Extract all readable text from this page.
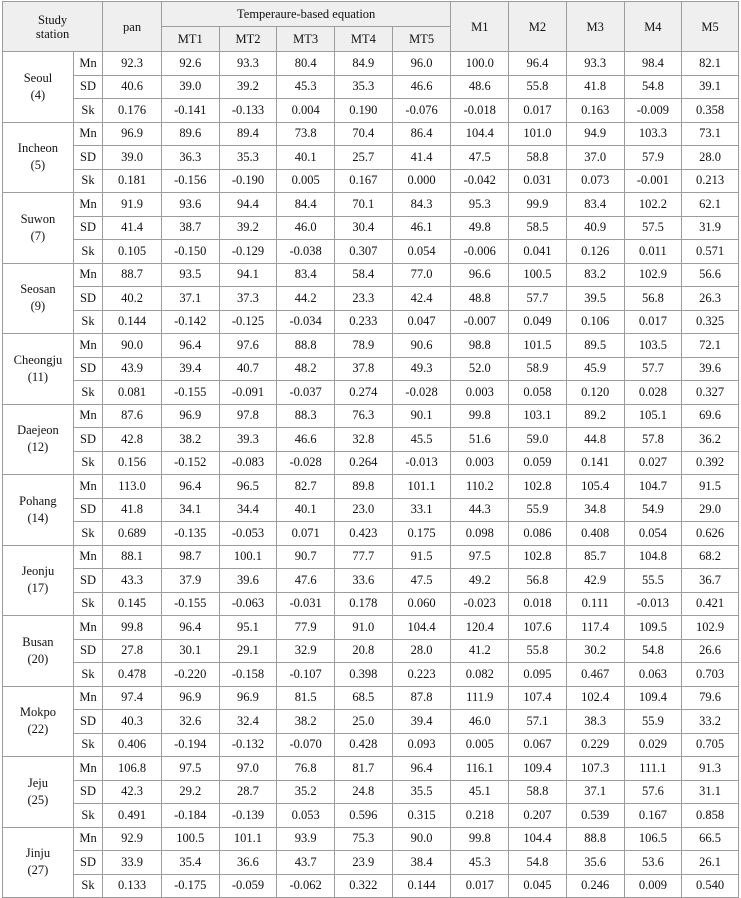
Study
station		pan	Temperaure-based equation					M1	M2	M3	M4	M5
			MT1	MT2	MT3	MT4	MT5					
Seoul
(4)	Mn	92.3	92.6	93.3	80.4	84.9	96.0	100.0	96.4	93.3	98.4	82.1
	SD	40.6	39.0	39.2	45.3	35.3	46.6	48.6	55.8	41.8	54.8	39.1
	Sk	0.176	-0.141	-0.133	0.004	0.190	-0.076	-0.018	0.017	0.163	-0.009	0.358
Incheon
(5)	Mn	96.9	89.6	89.4	73.8	70.4	86.4	104.4	101.0	94.9	103.3	73.1
	SD	39.0	36.3	35.3	40.1	25.7	41.4	47.5	58.8	37.0	57.9	28.0
	Sk	0.181	-0.156	-0.190	0.005	0.167	0.000	-0.042	0.031	0.073	-0.001	0.213
Suwon
(7)	Mn	91.9	93.6	94.4	84.4	70.1	84.3	95.3	99.9	83.4	102.2	62.1
	SD	41.4	38.7	39.2	46.0	30.4	46.1	49.8	58.5	40.9	57.5	31.9
	Sk	0.105	-0.150	-0.129	-0.038	0.307	0.054	-0.006	0.041	0.126	0.011	0.571
Seosan
(9)	Mn	88.7	93.5	94.1	83.4	58.4	77.0	96.6	100.5	83.2	102.9	56.6
	SD	40.2	37.1	37.3	44.2	23.3	42.4	48.8	57.7	39.5	56.8	26.3
	Sk	0.144	-0.142	-0.125	-0.034	0.233	0.047	-0.007	0.049	0.106	0.017	0.325
Cheongju
(11)	Mn	90.0	96.4	97.6	88.8	78.9	90.6	98.8	101.5	89.5	103.5	72.1
	SD	43.9	39.4	40.7	48.2	37.8	49.3	52.0	58.9	45.9	57.7	39.6
	Sk	0.081	-0.155	-0.091	-0.037	0.274	-0.028	0.003	0.058	0.120	0.028	0.327
Daejeon
(12)	Mn	87.6	96.9	97.8	88.3	76.3	90.1	99.8	103.1	89.2	105.1	69.6
	SD	42.8	38.2	39.3	46.6	32.8	45.5	51.6	59.0	44.8	57.8	36.2
	Sk	0.156	-0.152	-0.083	-0.028	0.264	-0.013	0.003	0.059	0.141	0.027	0.392
Pohang
(14)	Mn	113.0	96.4	96.5	82.7	89.8	101.1	110.2	102.8	105.4	104.7	91.5
	SD	41.8	34.1	34.4	40.1	23.0	33.1	44.3	55.9	34.8	54.9	29.0
	Sk	0.689	-0.135	-0.053	0.071	0.423	0.175	0.098	0.086	0.408	0.054	0.626
Jeonju
(17)	Mn	88.1	98.7	100.1	90.7	77.7	91.5	97.5	102.8	85.7	104.8	68.2
	SD	43.3	37.9	39.6	47.6	33.6	47.5	49.2	56.8	42.9	55.5	36.7
	Sk	0.145	-0.155	-0.063	-0.031	0.178	0.060	-0.023	0.018	0.111	-0.013	0.421
Busan
(20)	Mn	99.8	96.4	95.1	77.9	91.0	104.4	120.4	107.6	117.4	109.5	102.9
	SD	27.8	30.1	29.1	32.9	20.8	28.0	41.2	55.8	30.2	54.8	26.6
	Sk	0.478	-0.220	-0.158	-0.107	0.398	0.223	0.082	0.095	0.467	0.063	0.703
Mokpo
(22)	Mn	97.4	96.9	96.9	81.5	68.5	87.8	111.9	107.4	102.4	109.4	79.6
	SD	40.3	32.6	32.4	38.2	25.0	39.4	46.0	57.1	38.3	55.9	33.2
	Sk	0.406	-0.194	-0.132	-0.070	0.428	0.093	0.005	0.067	0.229	0.029	0.705
Jeju
(25)	Mn	106.8	97.5	97.0	76.8	81.7	96.4	116.1	109.4	107.3	111.1	91.3
	SD	42.3	29.2	28.7	35.2	24.8	35.5	45.1	58.8	37.1	57.6	31.1
	Sk	0.491	-0.184	-0.139	0.053	0.596	0.315	0.218	0.207	0.539	0.167	0.858
Jinju
(27)	Mn	92.9	100.5	101.1	93.9	75.3	90.0	99.8	104.4	88.8	106.5	66.5
	SD	33.9	35.4	36.6	43.7	23.9	38.4	45.3	54.8	35.6	53.6	26.1
	Sk	0.133	-0.175	-0.059	-0.062	0.322	0.144	0.017	0.045	0.246	0.009	0.540
